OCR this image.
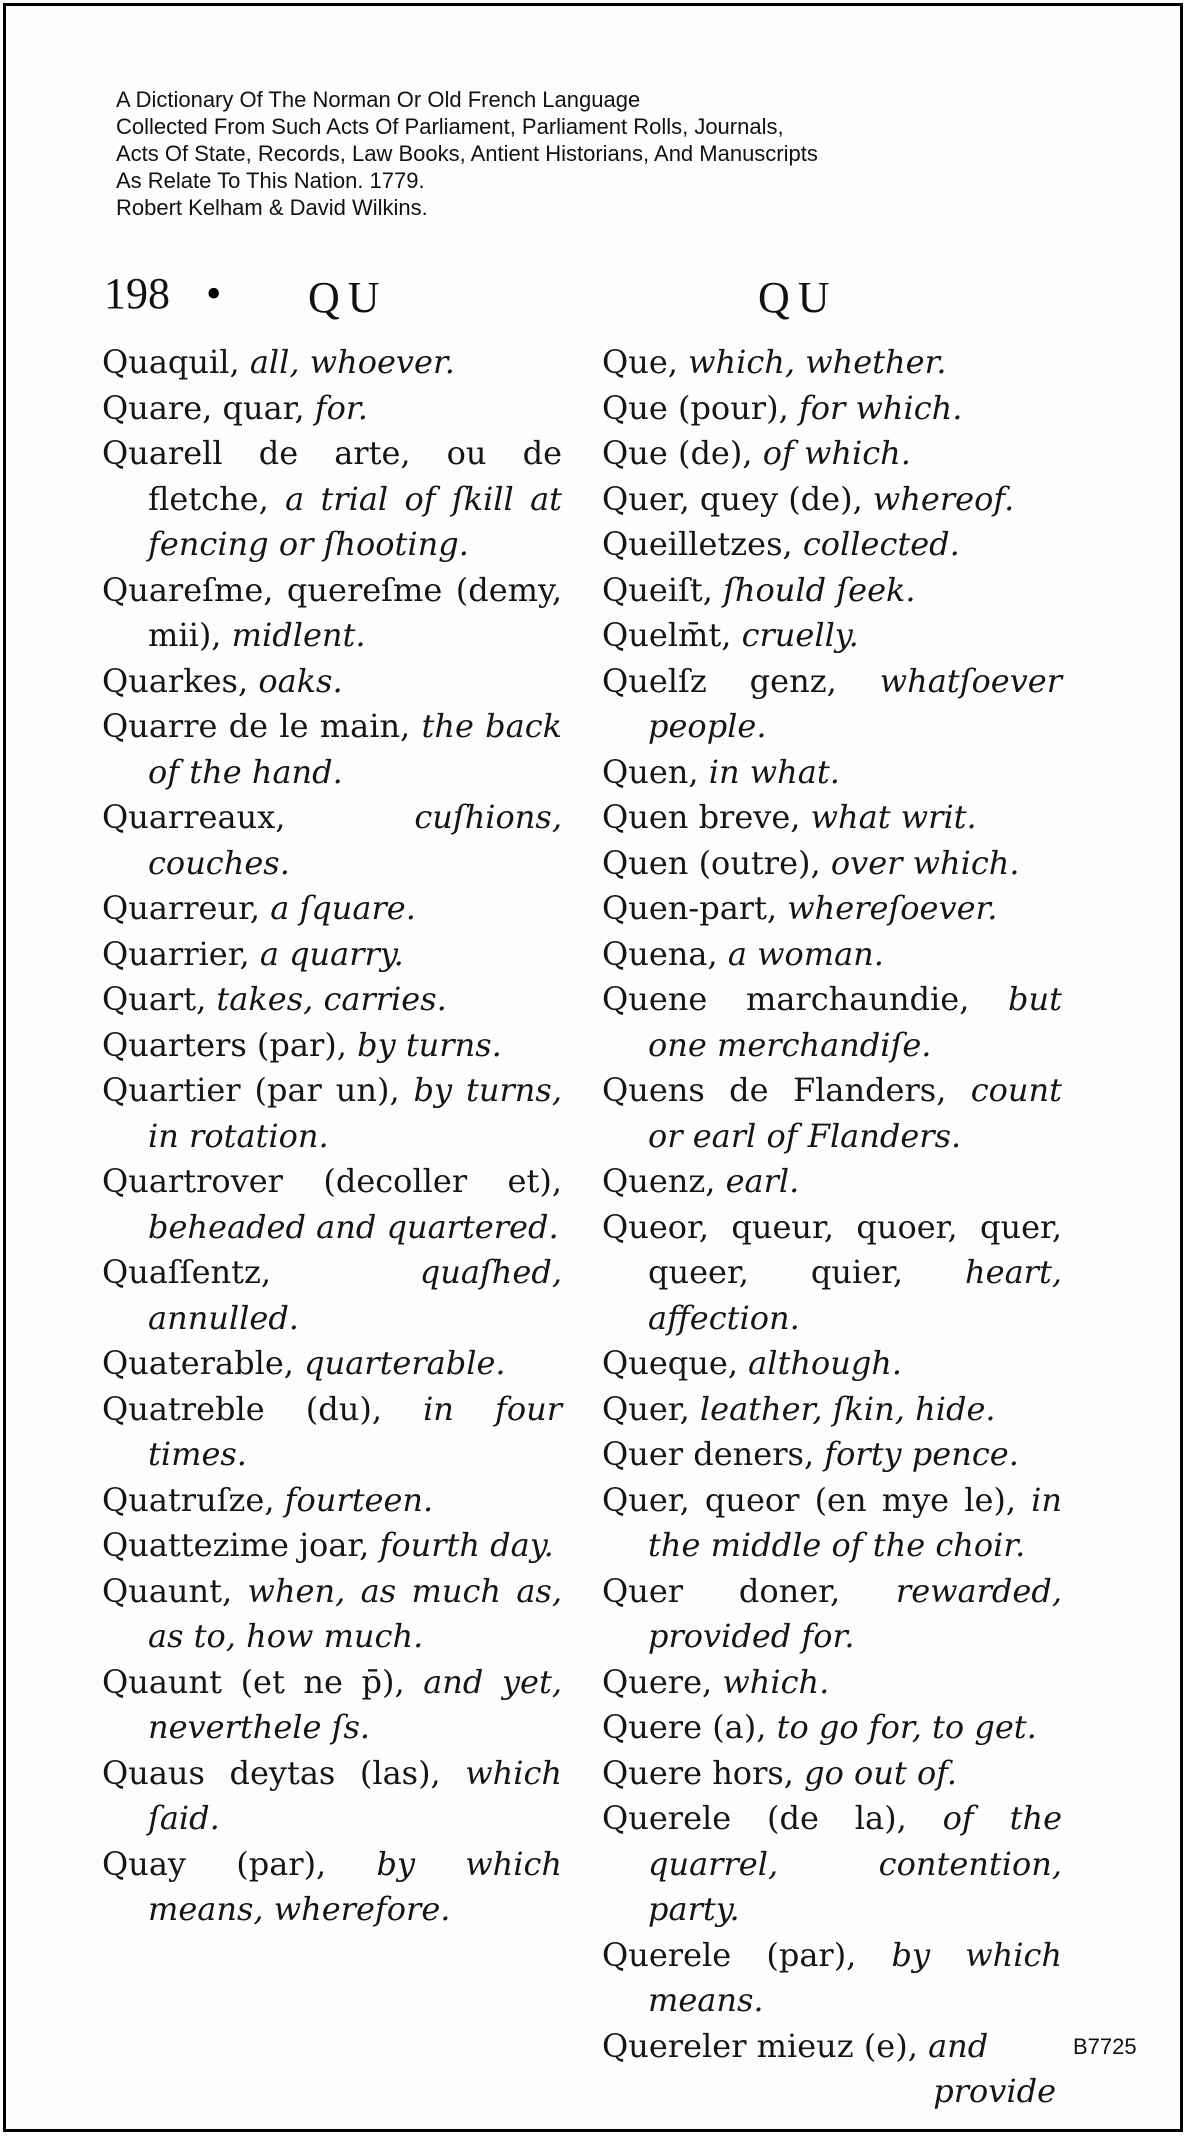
A Dictionary Of The Norman Or Old French Language
Collected From Such Acts Of Parliament, Parliament Rolls, Journals,
Acts Of State, Records, Law Books, Antient Historians, And Manuscripts
As Relate To This Nation. 1779.
Robert Kelham & David Wilkins.
198 • QU	QU
Quaquil, all, whoever.
Quare, quar, for.
Quarell de arte, ou de fletche, a trial of ſkill at fencing or ſhooting.
Quareſme, quereſme (demy, mii), midlent.
Quarkes, oaks.
Quarre de le main, the back of the hand.
Quarreaux, cuſhions, couches.
Quarreur, a ſquare.
Quarrier, a quarry.
Quart, takes, carries.
Quarters (par), by turns.
Quartier (par un), by turns, in rotation.
Quartrover (decoller et), beheaded and quartered.
Quaſſentz, quaſhed, annulled.
Quaterable, quarterable.
Quatreble (du), in four times.
Quatruſze, fourteen.
Quattezime joar, fourth day.
Quaunt, when, as much as, as to, how much.
Quaunt (et ne p̄), and yet, neverthele ſs.
Quaus deytas (las), which ſaid.
Quay (par), by which means, wherefore.
Que, which, whether.
Que (pour), for which.
Que (de), of which.
Quer, quey (de), whereof.
Queilletzes, collected.
Queiſt, ſhould ſeek.
Quelm̄t, cruelly.
Quelſz genz, whatſoever people.
Quen, in what.
Quen breve, what writ.
Quen (outre), over which.
Quen-part, whereſoever.
Quena, a woman.
Quene marchaundie, but one merchandiſe.
Quens de Flanders, count or earl of Flanders.
Quenz, earl.
Queor, queur, quoer, quer, queer, quier, heart, affection.
Queque, although.
Quer, leather, ſkin, hide.
Quer deners, forty pence.
Quer, queor (en mye le), in the middle of the choir.
Quer doner, rewarded, provided for.
Quere, which.
Quere (a), to go for, to get.
Quere hors, go out of.
Querele (de la), of the quarrel, contention, party.
Querele (par), by which means.
Quereler mieuz (e), and
provide
B7725
